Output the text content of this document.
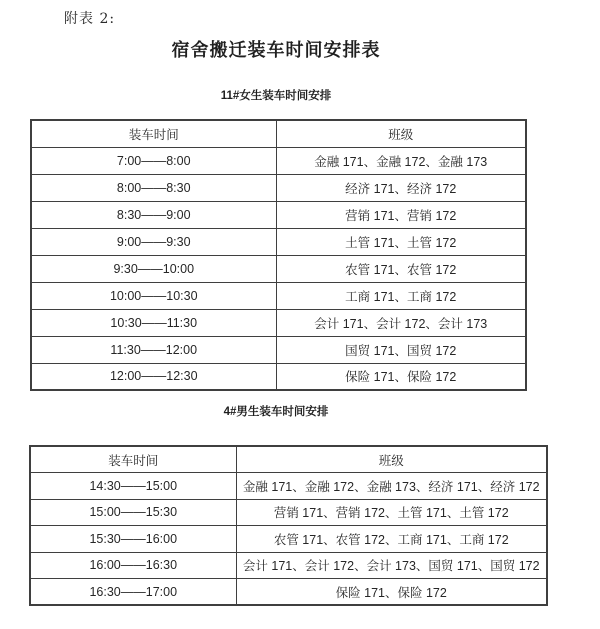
附表 2:
宿舍搬迁装车时间安排表
11#女生装车时间安排
装车时间	班级
7:00——8:00	金融 171、金融 172、金融 173
8:00——8:30	经济 171、经济 172
8:30——9:00	营销 171、营销 172
9:00——9:30	土管 171、土管 172
9:30——10:00	农管 171、农管 172
10:00——10:30	工商 171、工商 172
10:30——11:30	会计 171、会计 172、会计 173
11:30——12:00	国贸 171、国贸 172
12:00——12:30	保险 171、保险 172
4#男生装车时间安排
装车时间	班级
14:30——15:00	金融 171、金融 172、金融 173、经济 171、经济 172
15:00——15:30	营销 171、营销 172、土管 171、土管 172
15:30——16:00	农管 171、农管 172、工商 171、工商 172
16:00——16:30	会计 171、会计 172、会计 173、国贸 171、国贸 172
16:30——17:00	保险 171、保险 172
